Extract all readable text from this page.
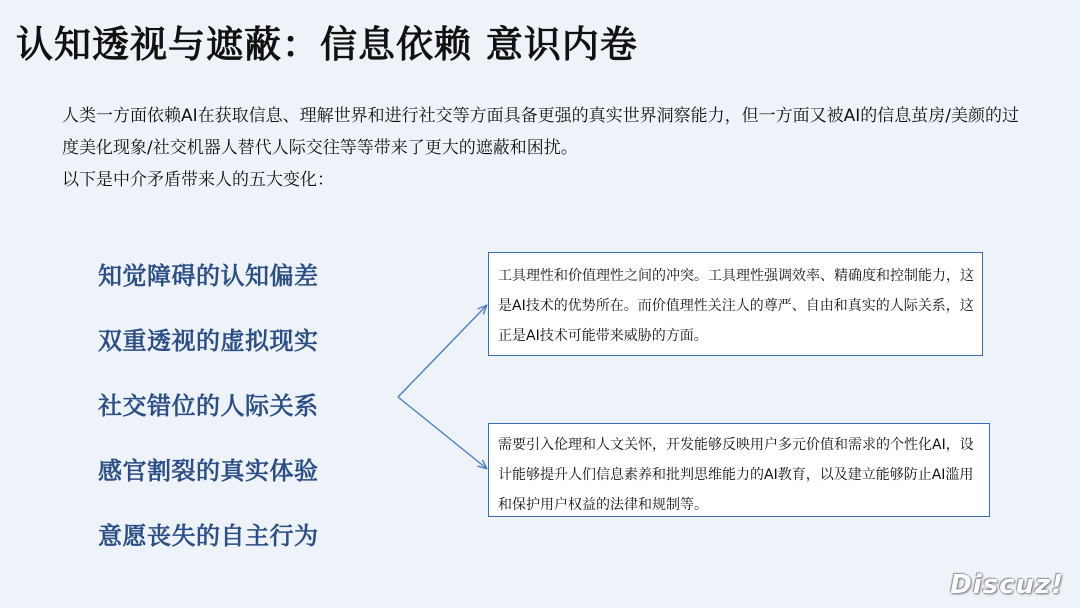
认知透视与遮蔽：信息依赖 意识内卷

人类一方面依赖AI在获取信息、理解世界和进行社交等方面具备更强的真实世界洞察能力，但一方面又被AI的信息茧房/美颜的过度美化现象/社交机器人替代人际交往等等带来了更大的遮蔽和困扰。

以下是中介矛盾带来人的五大变化：

知觉障碍的认知偏差
双重透视的虚拟现实
社交错位的人际关系
感官割裂的真实体验
意愿丧失的自主行为
工具理性和价值理性之间的冲突。工具理性强调效率、精确度和控制能力，这是AI技术的优势所在。而价值理性关注人的尊严、自由和真实的人际关系，这正是AI技术可能带来威胁的方面。
需要引入伦理和人文关怀，开发能够反映用户多元价值和需求的个性化AI，设计能够提升人们信息素养和批判思维能力的AI教育，以及建立能够防止AI滥用和保护用户权益的法律和规制等。
Discuz!
